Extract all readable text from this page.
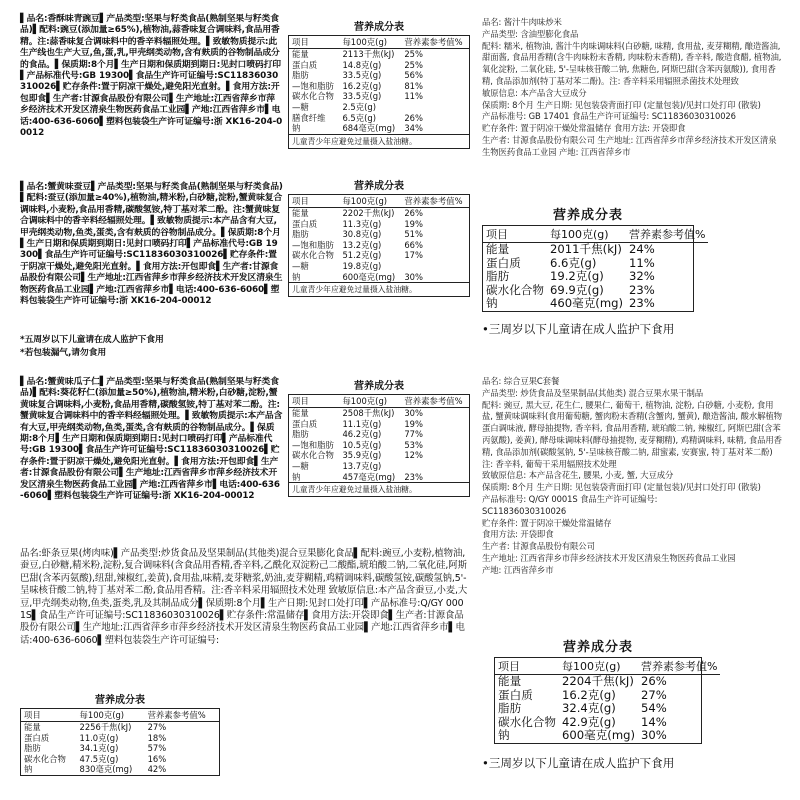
▌品名:香酥味青豌豆▌产品类型:坚果与籽类食品(熟制坚果与籽类食品)▌配料:豌豆(添加量≥65%),植物油,蒜香味复合调味料,食品用香精。注:蒜香味复合调味料中的香辛料辐照处理。▌致敏物质提示:此生产线也生产大豆,鱼,蛋,乳,甲壳纲类动物,含有麸质的谷物制品成分的食品。▌保质期:8个月▌生产日期和保质期到期日:见封口喷码打印▌产品标准代号:GB 19300▌食品生产许可证编号:SC11836030310026▌贮存条件:置于阴凉干燥处,避免阳光直射。▌食用方法:开包即食▌生产者:甘源食品股份有限公司▌生产地址:江西省萍乡市萍乡经济技术开发区清泉生物医药食品工业园▌产地:江西省萍乡市▌电话:400-636-6060▌塑料包装袋生产许可证编号:浙 XK16-204-00012
▌品名:蟹黄味蚕豆▌产品类型:坚果与籽类食品(熟制坚果与籽类食品)▌配料:蚕豆(添加量≥40%),植物油,精米粉,白砂糖,淀粉,蟹黄味复合调味料,小麦粉,食品用香精,碳酸氢铵,特丁基对苯二酚。注:蟹黄味复合调味料中的香辛料经辐照处理。▌致敏物质提示:本产品含有大豆,甲壳纲类动物,鱼类,蛋类,含有麸质的谷物制品成分。▌保质期:8个月▌生产日期和保质期到期日:见封口喷码打印▌产品标准代号:GB 19300▌食品生产许可证编号:SC11836030310026▌贮存条件:置于阴凉干燥处,避免阳光直射。▌食用方法:开包即食▌生产者:甘源食品股份有限公司▌生产地址:江西省萍乡市萍乡经济技术开发区清泉生物医药食品工业园▌产地:江西省萍乡市▌电话:400-636-6060▌塑料包装袋生产许可证编号:浙 XK16-204-00012
*五周岁以下儿童请在成人监护下食用
*若包装漏气,请勿食用
▌品名:蟹黄味瓜子仁▌产品类型:坚果与籽类食品(熟制坚果与籽类食品)▌配料:葵花籽仁(添加量≥50%),植物油,精米粉,白砂糖,淀粉,蟹黄味复合调味料,小麦粉,食品用香精,碳酸氢铵,特丁基对苯二酚。注:蟹黄味复合调味料中的香辛料经辐照处理。▌致敏物质提示:本产品含有大豆,甲壳纲类动物,鱼类,蛋类,含有麸质的谷物制品成分。▌保质期:8个月▌生产日期和保质期到期日:见封口喷码打印▌产品标准代号:GB 19300▌食品生产许可证编号:SC11836030310026▌贮存条件:置于阴凉干燥处,避免阳光直射。▌食用方法:开包即食▌生产者:甘源食品股份有限公司▌生产地址:江西省萍乡市萍乡经济技术开发区清泉生物医药食品工业园▌产地:江西省萍乡市▌电话:400-636-6060▌塑料包装袋生产许可证编号:浙 XK16-204-00012
品名:虾条豆果(烤肉味)▌产品类型:炒货食品及坚果制品(其他类)混合豆果膨化食品▌配料:豌豆,小麦粉,植物油,蚕豆,白砂糖,精米粉,淀粉,复合调味料(含食品用香精,香辛料,乙酰化双淀粉己二酸酯,琥珀酸二钠,二氧化硅,阿斯巴甜(含苯丙氨酸),纽甜,辣椒红,姜黄),食用盐,味精,麦芽糖浆,奶油,麦芽糊精,鸡精调味料,碳酸氢铵,碳酸氢钠,5'-呈味核苷酸二钠,特丁基对苯二酚,食品用香精。注:香辛料采用辐照技术处理 致敏原信息:本产品含蚕豆,小麦,大豆,甲壳纲类动物,鱼类,蛋类,乳及其制品成分▌保质期:8个月▌生产日期:见封口处打印▌产品标准号:Q/GY 0001S▌食品生产许可证编号:SC11836030310026▌贮存条件:常温储存▌食用方法:开袋即食▌生产者:甘源食品股份有限公司▌生产地址:江西省萍乡市萍乡经济技术开发区清泉生物医药食品工业园▌产地:江西省萍乡市▌电话:400-636-6060▌塑料包装袋生产许可证编号:
品名: 酱汁牛肉味炒米
产品类型: 含油型膨化食品
配料: 糯米, 植物油, 酱汁牛肉味调味料(白砂糖, 味精, 食用盐, 麦芽糊精, 酿造酱油, 甜面酱, 食品用香精(含牛肉味粉末香精, 肉味粉末香精), 香辛料, 酸造食醋, 植物油, 氧化淀粉, 二氧化硅, 5'-呈味核苷酸二钠, 焦糖色, 阿斯巴甜(含苯丙氨酸)), 食用香精, 食品添加剂(特丁基对苯二酚)。注: 香辛料采用辐照杀菌技术处理致
敏原信息: 本产品含大豆成分
保质期: 8个月 生产日期: 见包装袋背面打印 (定量包装)/见封口处打印 (散装)
产品标准号: GB 17401 食品生产许可证编号: SC11836030310026
贮存条件: 置于阴凉干燥处常温储存 食用方法: 开袋即食
生产者: 甘源食品股份有限公司 生产地址: 江西省萍乡市萍乡经济技术开发区清泉生物医药食品工业园 产地: 江西省萍乡市
品名: 综合豆果C套餐
产品类型: 炒货食品及坚果制品(其他类) 混合豆果水果干制品
配料: 豌豆, 黑大豆, 花生仁, 腰果仁, 葡萄干, 植物油, 淀粉, 白砂糖, 小麦粉, 食用盐, 蟹黄味调味料(食用葡萄糖, 蟹肉粉末香精(含蟹肉, 蟹黄), 酿造酱油, 酸水解植物蛋白调味液, 酵母抽提物, 香辛料, 食品用香精, 琥珀酸二钠, 辣椒红, 阿斯巴甜(含苯丙氨酸), 姜黄), 酵母味调味料(酵母抽提物, 麦芽糊精), 鸡精调味料, 味精, 食品用香精, 食品添加剂(碳酸氢钠, 5'-呈味核苷酸二钠, 甜蜜素, 安赛蜜, 特丁基对苯二酚)
注: 香辛料, 葡萄干采用辐照技术处理
致敏原信息: 本产品含花生, 腰果, 小麦, 蟹, 大豆成分
保质期: 8个月 生产日期: 见包装袋背面打印 (定量包装)/见封口处打印 (散装)
产品标准号: Q/GY 0001S 食品生产许可证编号:
SC11836030310026
贮存条件: 置于阴凉干燥处常温储存
食用方法: 开袋即食
生产者: 甘源食品股份有限公司
生产地址: 江西省萍乡市萍乡经济技术开发区清泉生物医药食品工业园
产地: 江西省萍乡市
营养成分表
项目	每100克(g)	营养素参考值%
能量	2113千焦(kJ)	25%
蛋白质	14.8克(g)	25%
脂肪	33.5克(g)	56%
—饱和脂肪	16.2克(g)	81%
碳水化合物	33.5克(g)	11%
—糖	2.5克(g)	
膳食纤维	6.5克(g)	26%
钠	684毫克(mg)	34%
儿童青少年应避免过量摄入盐油糖。
营养成分表
项目	每100克(g)	营养素参考值%
能量	2202千焦(kJ)	26%
蛋白质	11.3克(g)	19%
脂肪	30.8克(g)	51%
—饱和脂肪	13.2克(g)	66%
碳水化合物	51.2克(g)	17%
—糖	19.8克(g)	
钠	600毫克(mg)	30%
儿童青少年应避免过量摄入盐油糖。
营养成分表
项目	每100克(g)	营养素参考值%
能量	2508千焦(kJ)	30%
蛋白质	11.1克(g)	19%
脂肪	46.2克(g)	77%
—饱和脂肪	10.5克(g)	53%
碳水化合物	35.9克(g)	12%
—糖	13.7克(g)	
钠	457毫克(mg)	23%
儿童青少年应避免过量摄入盐油糖。
营养成分表
项目	每100克(g)	营养素参考值%
能量	2256千焦(kJ)	27%
蛋白质	11.0克(g)	18%
脂肪	34.1克(g)	57%
碳水化合物	47.5克(g)	16%
钠	830毫克(mg)	42%
营养成分表
项目	每100克(g)	营养素参考值%
能量	2011千焦(kJ)	24%
蛋白质	6.6克(g)	11%
脂肪	19.2克(g)	32%
碳水化合物	69.9克(g)	23%
钠	460毫克(mg)	23%
•三周岁以下儿童请在成人监护下食用
营养成分表
项目	每100克(g)	营养素参考值%
能量	2204千焦(kJ)	26%
蛋白质	16.2克(g)	27%
脂肪	32.4克(g)	54%
碳水化合物	42.9克(g)	14%
钠	600毫克(mg)	30%
•三周岁以下儿童请在成人监护下食用
